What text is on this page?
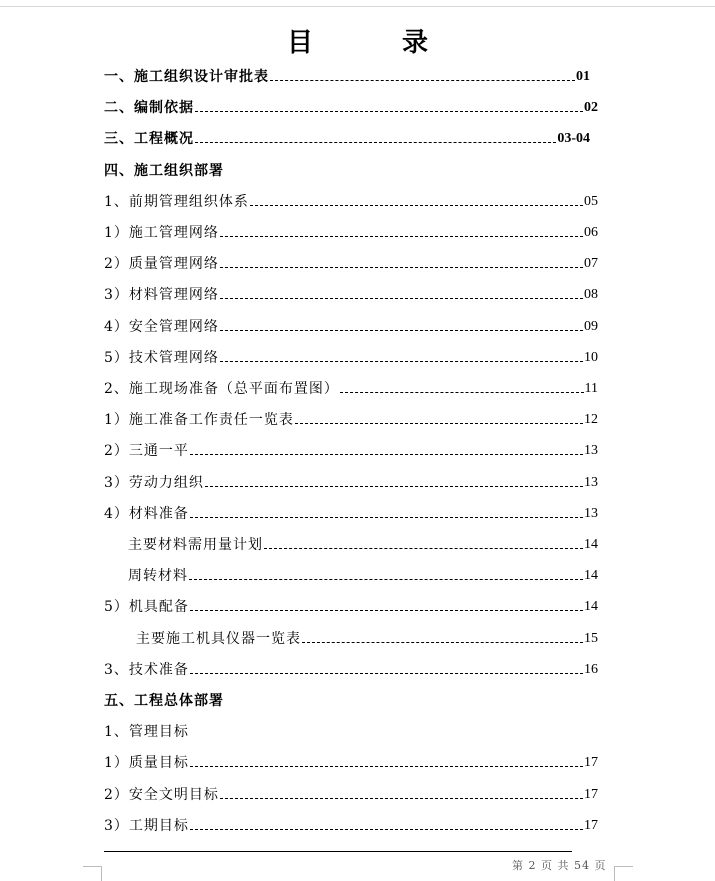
目 录
一、施工组织设计审批表	01
二、编制依据	02
三、工程概况	03-04
四、施工组织部署
1、前期管理组织体系	05
1）施工管理网络	06
2）质量管理网络	07
3）材料管理网络	08
4）安全管理网络	09
5）技术管理网络	10
2、施工现场准备（总平面布置图）	11
1）施工准备工作责任一览表	12
2）三通一平	13
3）劳动力组织	13
4）材料准备	13
主要材料需用量计划	14
周转材料	14
5）机具配备	14
主要施工机具仪器一览表	15
3、技术准备	16
五、工程总体部署
1、管理目标
1）质量目标	17
2）安全文明目标	17
3）工期目标	17
第 2 页 共 54 页
